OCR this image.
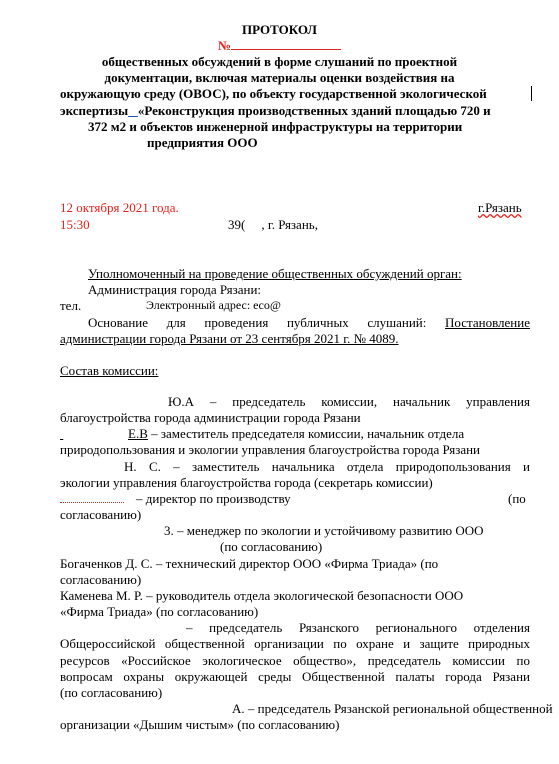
ПРОТОКОЛ
№
общественных обсуждений в форме слушаний по проектной
документации, включая материалы оценки воздействия на
окружающую среду (ОВОС), по объекту государственной экологической
экспертизы «Реконструкция производственных зданий площадью 720 и
372 м2 и объектов инженерной инфраструктуры на территории
предприятия ООО
12 октября 2021 года.	г.Рязань
15:30	39( , г. Рязань,
Уполномоченный на проведение общественных обсуждений орган:
Администрация города Рязани:
тел.	Электронный адрес: eco@
Основание для проведения публичных слушаний: Постановление
администрации города Рязани от 23 сентября 2021 г. № 4089.
Состав комиссии:
Ю.А – председатель комиссии, начальник управления
благоустройства города администрации города Рязани
Е.В – заместитель председателя комиссии, начальник отдела
природопользования и экологии управления благоустройства города Рязани
Н. С. – заместитель начальника отдела природопользования и
экологии управления благоустройства города (секретарь комиссии)
– директор по производству	(по
согласованию)
3. – менеджер по экологии и устойчивому развитию ООО
(по согласованию)
Богаченков Д. С. – технический директор ООО «Фирма Триада» (по
согласованию)
Каменева М. Р. – руководитель отдела экологической безопасности ООО
«Фирма Триада» (по согласованию)
– председатель Рязанского регионального отделения
Общероссийской общественной организации по охране и защите природных
ресурсов «Российское экологическое общество», председатель комиссии по
вопросам охраны окружающей среды Общественной палаты города Рязани
(по согласованию)
А. – председатель Рязанской региональной общественной
организации «Дышим чистым» (по согласованию)
